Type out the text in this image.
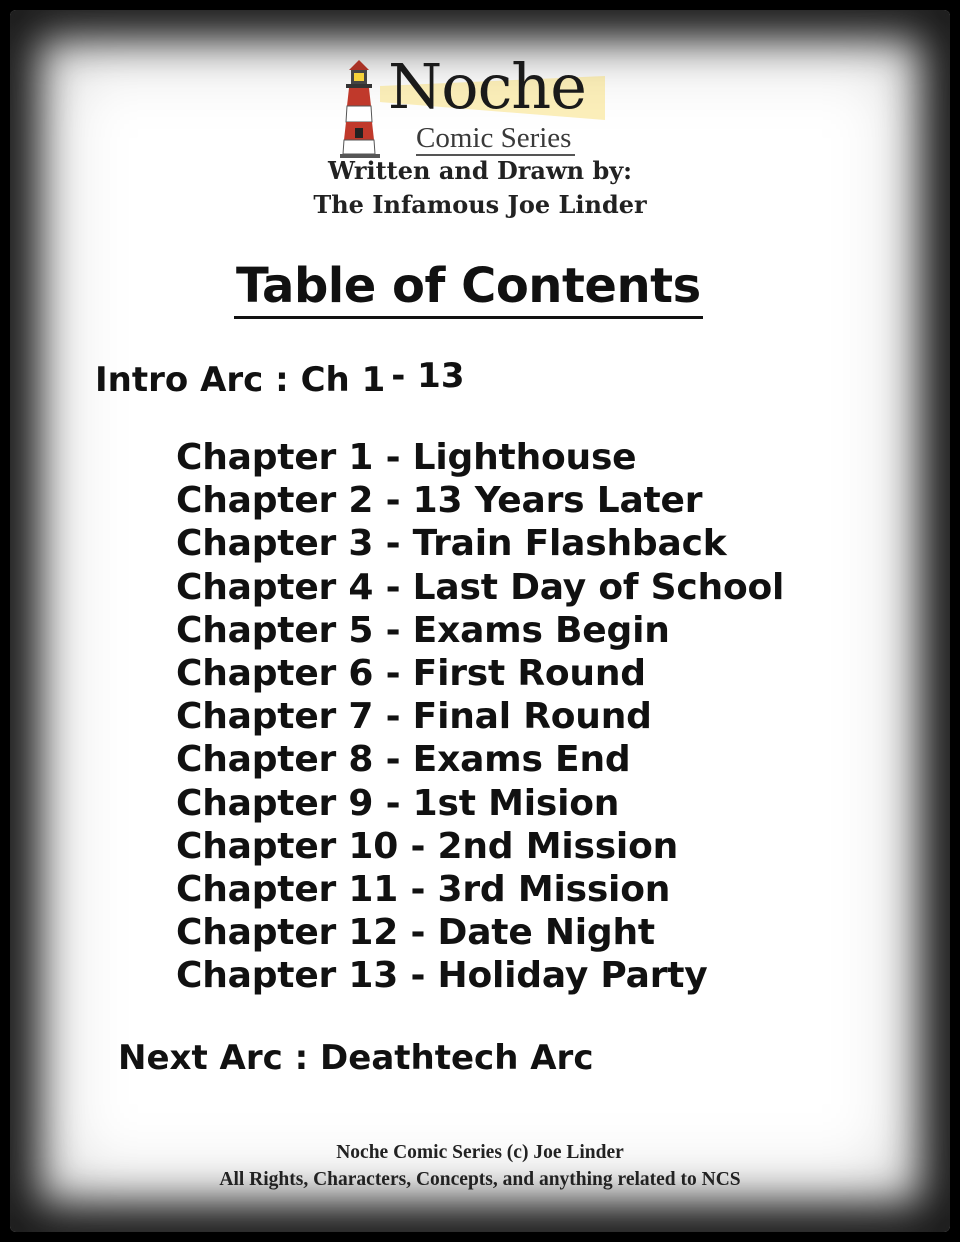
Noche
Comic Series
Written and Drawn by:
The Infamous Joe Linder
Table of Contents
Intro Arc : Ch 1 - 13
Chapter 1 - Lighthouse
Chapter 2 - 13 Years Later
Chapter 3 - Train Flashback
Chapter 4 - Last Day of School
Chapter 5 - Exams Begin
Chapter 6 - First Round
Chapter 7 - Final Round
Chapter 8 - Exams End
Chapter 9 - 1st Mision
Chapter 10 - 2nd Mission
Chapter 11 - 3rd Mission
Chapter 12 - Date Night
Chapter 13 - Holiday Party
Next Arc : Deathtech Arc
Noche Comic Series (c) Joe Linder
All Rights, Characters, Concepts, and anything related to NCS
